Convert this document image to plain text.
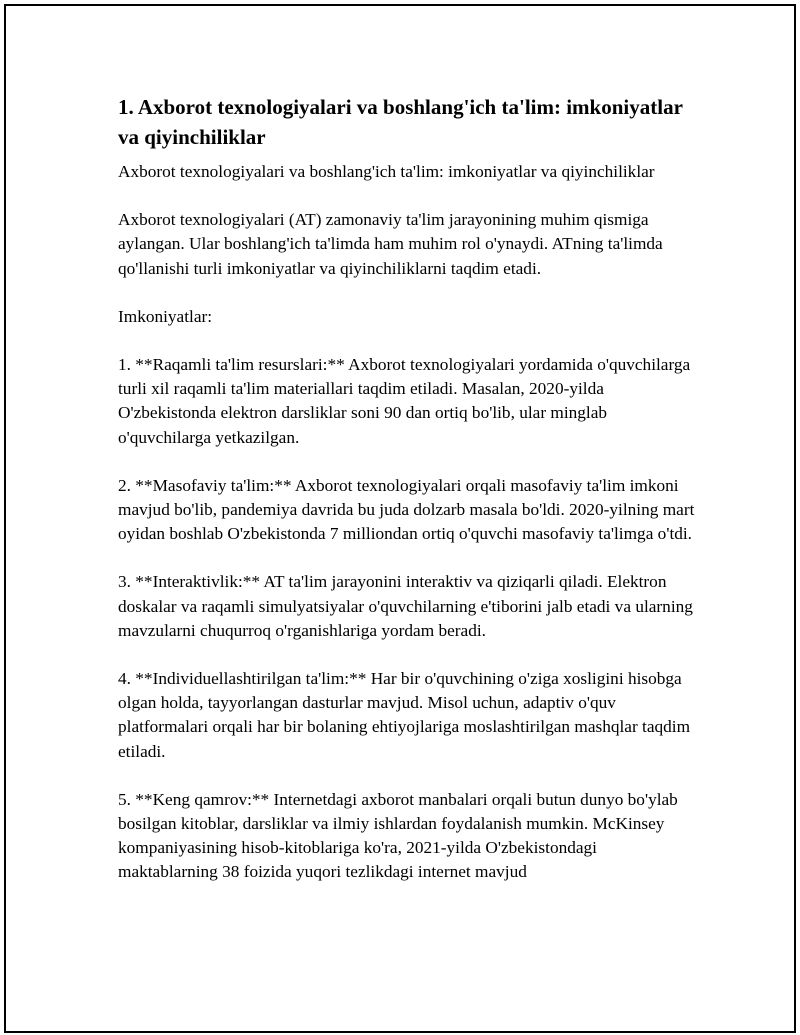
1. Axborot texnologiyalari va boshlang'ich ta'lim: imkoniyatlar va qiyinchiliklar

Axborot texnologiyalari va boshlang'ich ta'lim: imkoniyatlar va qiyinchiliklar

Axborot texnologiyalari (AT) zamonaviy ta'lim jarayonining muhim qismiga aylangan. Ular boshlang'ich ta'limda ham muhim rol o'ynaydi. ATning ta'limda qo'llanishi turli imkoniyatlar va qiyinchiliklarni taqdim etadi.

Imkoniyatlar:

1. **Raqamli ta'lim resurslari:** Axborot texnologiyalari yordamida o'quvchilarga turli xil raqamli ta'lim materiallari taqdim etiladi. Masalan, 2020-yilda O'zbekistonda elektron darsliklar soni 90 dan ortiq bo'lib, ular minglab o'quvchilarga yetkazilgan.

2. **Masofaviy ta'lim:** Axborot texnologiyalari orqali masofaviy ta'lim imkoni mavjud bo'lib, pandemiya davrida bu juda dolzarb masala bo'ldi. 2020-yilning mart oyidan boshlab O'zbekistonda 7 milliondan ortiq o'quvchi masofaviy ta'limga o'tdi.

3. **Interaktivlik:** AT ta'lim jarayonini interaktiv va qiziqarli qiladi. Elektron doskalar va raqamli simulyatsiyalar o'quvchilarning e'tiborini jalb etadi va ularning mavzularni chuqurroq o'rganishlariga yordam beradi.

4. **Individuellashtirilgan ta'lim:** Har bir o'quvchining o'ziga xosligini hisobga olgan holda, tayyorlangan dasturlar mavjud. Misol uchun, adaptiv o'quv platformalari orqali har bir bolaning ehtiyojlariga moslashtirilgan mashqlar taqdim etiladi.

5. **Keng qamrov:** Internetdagi axborot manbalari orqali butun dunyo bo'ylab bosilgan kitoblar, darsliklar va ilmiy ishlardan foydalanish mumkin. McKinsey kompaniyasining hisob-kitoblariga ko'ra, 2021-yilda O'zbekistondagi maktablarning 38 foizida yuqori tezlikdagi internet mavjud
